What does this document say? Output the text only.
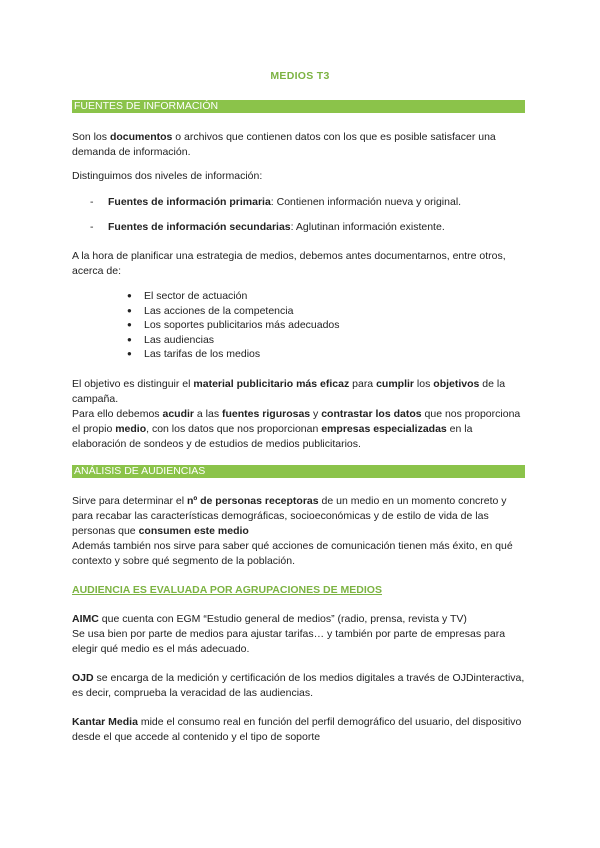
MEDIOS T3
FUENTES DE INFORMACIÓN

Son los documentos o archivos que contienen datos con los que es posible satisfacer una demanda de información.

Distinguimos dos niveles de información:

- Fuentes de información primaria: Contienen información nueva y original.
- Fuentes de información secundarias: Aglutinan información existente.

A la hora de planificar una estrategia de medios, debemos antes documentarnos, entre otros, acerca de:

● El sector de actuación
● Las acciones de la competencia
● Los soportes publicitarios más adecuados
● Las audiencias
● Las tarifas de los medios

El objetivo es distinguir el material publicitario más eficaz para cumplir los objetivos de la campaña.

Para ello debemos acudir a las fuentes rigurosas y contrastar los datos que nos proporciona el propio medio, con los datos que nos proporcionan empresas especializadas en la elaboración de sondeos y de estudios de medios publicitarios.

ANÁLISIS DE AUDIENCIAS

Sirve para determinar el nº de personas receptoras de un medio en un momento concreto y para recabar las características demográficas, socioeconómicas y de estilo de vida de las personas que consumen este medio

Además también nos sirve para saber qué acciones de comunicación tienen más éxito, en qué contexto y sobre qué segmento de la población.

AUDIENCIA ES EVALUADA POR AGRUPACIONES DE MEDIOS

AIMC que cuenta con EGM “Estudio general de medios” (radio, prensa, revista y TV)
Se usa bien por parte de medios para ajustar tarifas… y también por parte de empresas para elegir qué medio es el más adecuado.

OJD se encarga de la medición y certificación de los medios digitales a través de OJDinteractiva, es decir, comprueba la veracidad de las audiencias.

Kantar Media mide el consumo real en función del perfil demográfico del usuario, del dispositivo desde el que accede al contenido y el tipo de soporte
